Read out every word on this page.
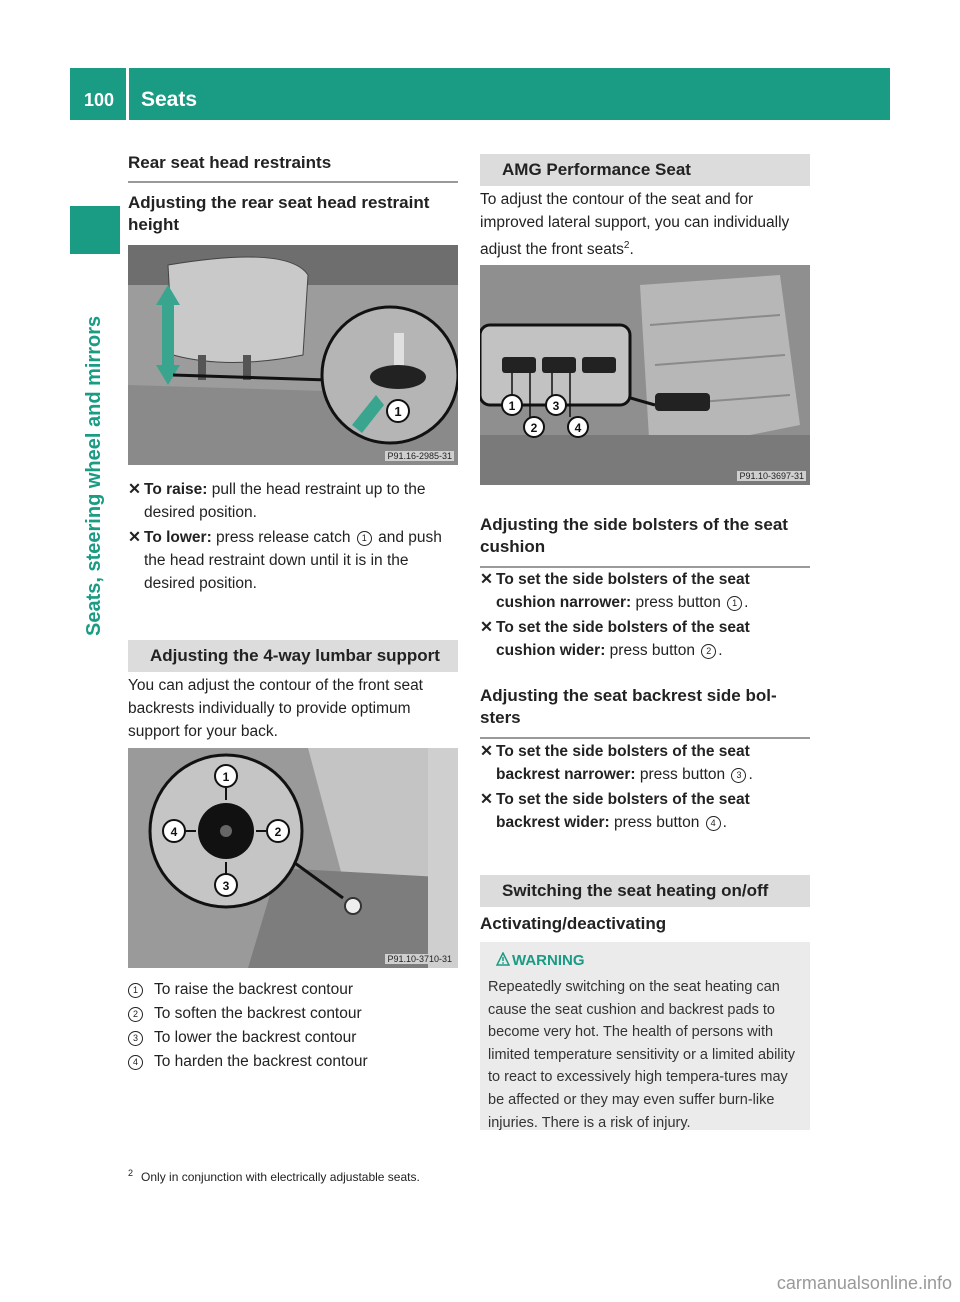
100 Seats
Seats, steering wheel and mirrors
Rear seat head restraints
Adjusting the rear seat head restraint height
1
P91.16-2985-31

✕ To raise: pull the head restraint up to the desired position.

✕ To lower: press release catch 1 and push the head restraint down until it is in the desired position.

Adjusting the 4-way lumbar support

You can adjust the contour of the front seat backrests individually to provide optimum support for your back.

1
2
3
4
P91.10-3710-31
1	To raise the backrest contour
2	To soften the backrest contour
3	To lower the backrest contour
4	To harden the backrest contour
AMG Performance Seat

To adjust the contour of the seat and for improved lateral support, you can individually adjust the front seats$^2$.

1
2
3
4
P91.10-3697-31
Adjusting the side bolsters of the seat cushion

✕ To set the side bolsters of the seat cushion narrower: press button 1 .

✕ To set the side bolsters of the seat cushion wider: press button 2 .

Adjusting the seat backrest side bol-sters

✕ To set the side bolsters of the seat backrest narrower: press button 3 .

✕ To set the side bolsters of the seat backrest wider: press button 4 .

Switching the seat heating on/off
Activating/deactivating
WARNING
Repeatedly switching on the seat heating can cause the seat cushion and backrest pads to become very hot. The health of persons with limited temperature sensitivity or a limited ability to react to excessively high tempera-tures may be affected or they may even suffer burn-like injuries. There is a risk of injury.
$^2$ Only in conjunction with electrically adjustable seats.
carmanualsonline.info
